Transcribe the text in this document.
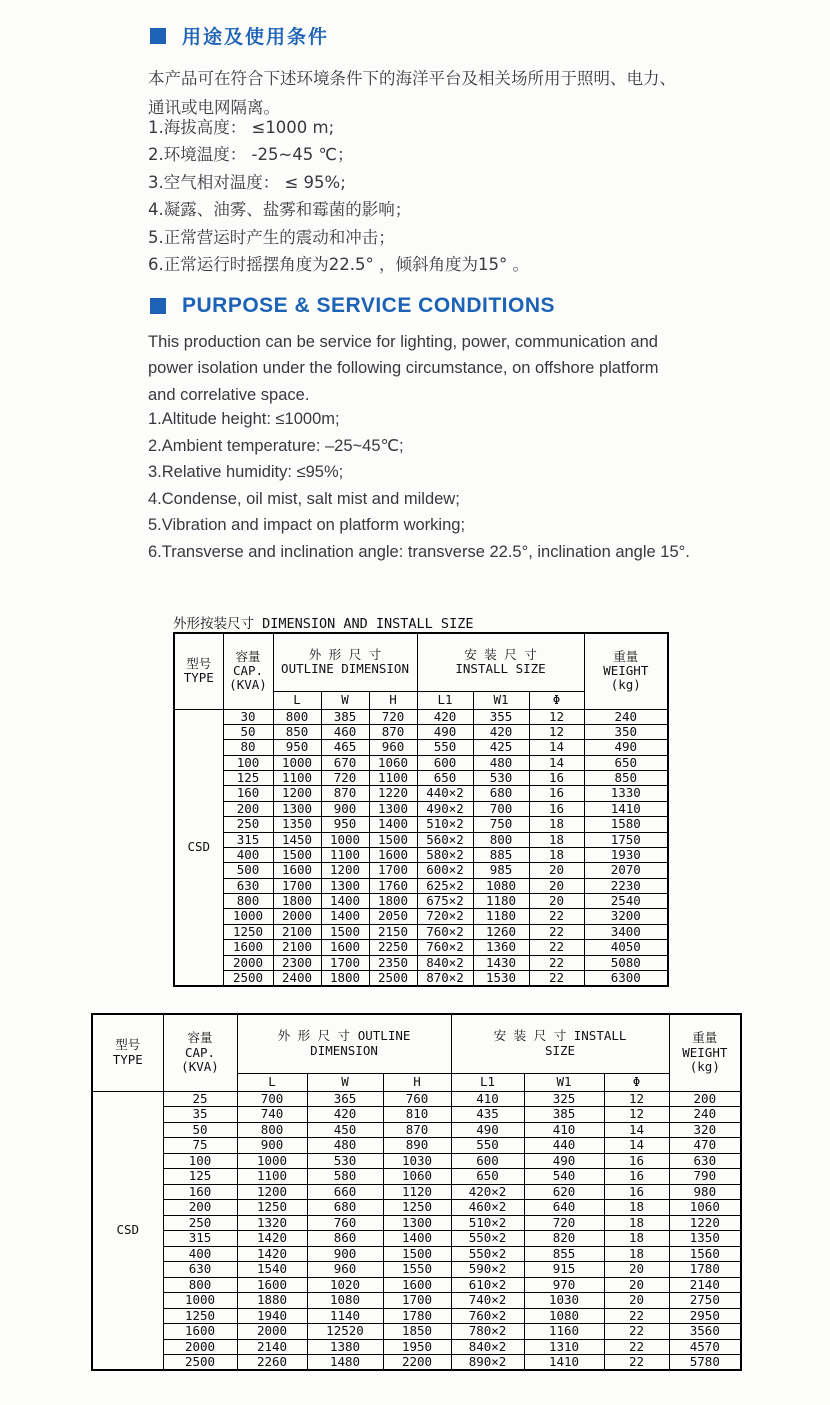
用途及使用条件
本产品可在符合下述环境条件下的海洋平台及相关场所用于照明、电力、
通讯或电网隔离。
1.海拔高度： ≤1000 m;
2.环境温度： -25~45 ℃；
3.空气相对温度： ≤ 95%;
4.凝露、油雾、盐雾和霉菌的影响；
5.正常营运时产生的震动和冲击；
6.正常运行时摇摆角度为22.5° ，倾斜角度为15° 。
PURPOSE & SERVICE CONDITIONS
This production can be service for lighting, power, communication and power isolation under the following circumstance, on offshore platform and correlative space.
1.Altitude height: ≤1000m;
2.Ambient temperature: –25~45℃;
3.Relative humidity: ≤95%;
4.Condense, oil mist, salt mist and mildew;
5.Vibration and impact on platform working;
6.Transverse and inclination angle: transverse 22.5°, inclination angle 15°.
外形按装尺寸 DIMENSION AND INSTALL SIZE
型号
TYPE	容量
CAP.
(KVA)	外 形 尺 寸
OUTLINE DIMENSION			安 装 尺 寸
INSTALL SIZE			重量
WEIGHT
(kg)

		L	W	H	L1	W1	Φ	
CSD	30	800	385	720	420	355	12	240
	50	850	460	870	490	420	12	350
	80	950	465	960	550	425	14	490
	100	1000	670	1060	600	480	14	650
	125	1100	720	1100	650	530	16	850
	160	1200	870	1220	440×2	680	16	1330
	200	1300	900	1300	490×2	700	16	1410
	250	1350	950	1400	510×2	750	18	1580
	315	1450	1000	1500	560×2	800	18	1750
	400	1500	1100	1600	580×2	885	18	1930
	500	1600	1200	1700	600×2	985	20	2070
	630	1700	1300	1760	625×2	1080	20	2230
	800	1800	1400	1800	675×2	1180	20	2540
	1000	2000	1400	2050	720×2	1180	22	3200
	1250	2100	1500	2150	760×2	1260	22	3400
	1600	2100	1600	2250	760×2	1360	22	4050
	2000	2300	1700	2350	840×2	1430	22	5080
	2500	2400	1800	2500	870×2	1530	22	6300
型号
TYPE	容量
CAP.
(KVA)	外 形 尺 寸 OUTLINE
DIMENSION			安 装 尺 寸 INSTALL
SIZE			重量
WEIGHT
(kg)

		L	W	H	L1	W1	Φ	
CSD	25	700	365	760	410	325	12	200
	35	740	420	810	435	385	12	240
	50	800	450	870	490	410	14	320
	75	900	480	890	550	440	14	470
	100	1000	530	1030	600	490	16	630
	125	1100	580	1060	650	540	16	790
	160	1200	660	1120	420×2	620	16	980
	200	1250	680	1250	460×2	640	18	1060
	250	1320	760	1300	510×2	720	18	1220
	315	1420	860	1400	550×2	820	18	1350
	400	1420	900	1500	550×2	855	18	1560
	630	1540	960	1550	590×2	915	20	1780
	800	1600	1020	1600	610×2	970	20	2140
	1000	1880	1080	1700	740×2	1030	20	2750
	1250	1940	1140	1780	760×2	1080	22	2950
	1600	2000	12520	1850	780×2	1160	22	3560
	2000	2140	1380	1950	840×2	1310	22	4570
	2500	2260	1480	2200	890×2	1410	22	5780
